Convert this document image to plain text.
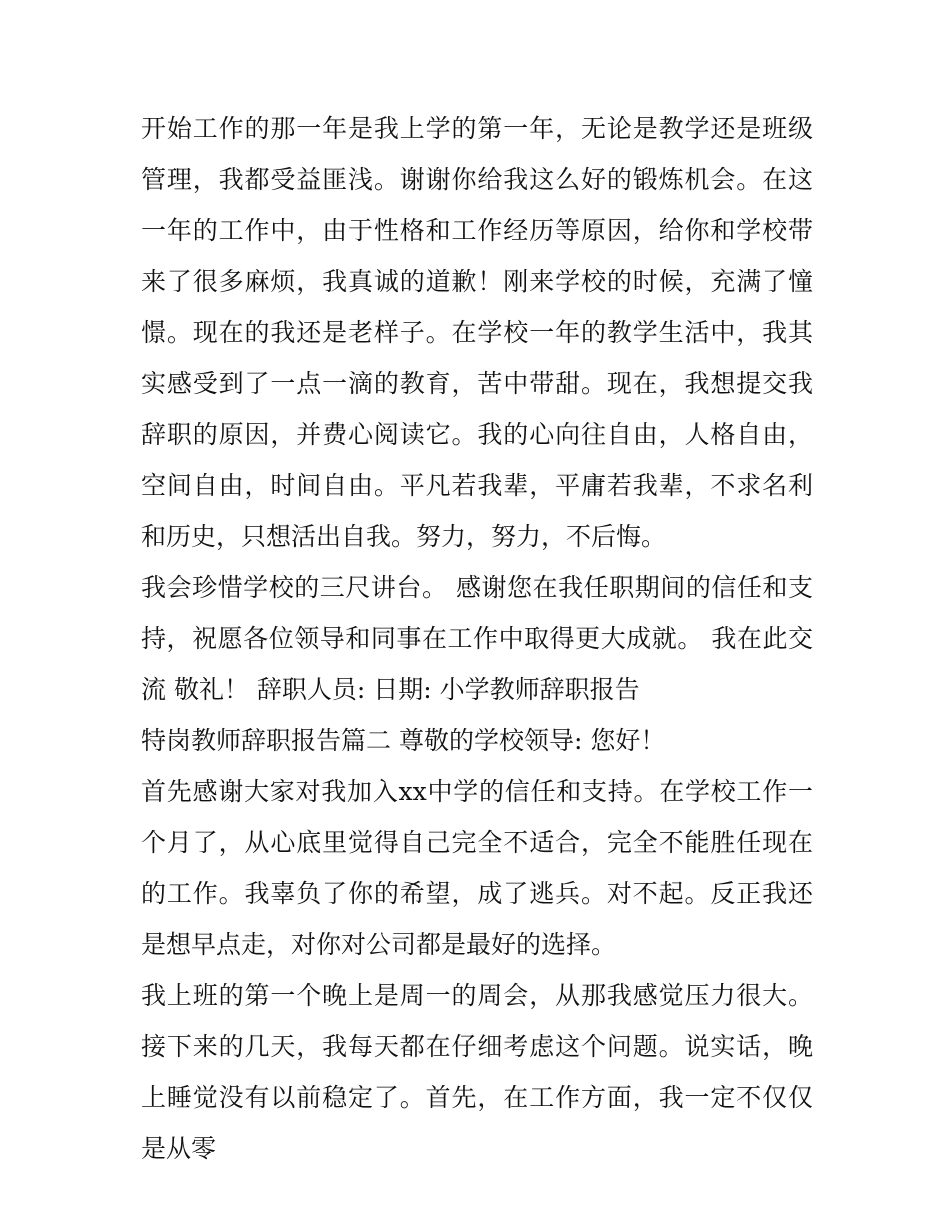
开始工作的那一年是我上学的第一年，无论是教学还是班级管理，我都受益匪浅。谢谢你给我这么好的锻炼机会。在这一年的工作中，由于性格和工作经历等原因，给你和学校带来了很多麻烦，我真诚的道歉！刚来学校的时候，充满了憧憬。现在的我还是老样子。在学校一年的教学生活中，我其实感受到了一点一滴的教育，苦中带甜。现在，我想提交我辞职的原因，并费心阅读它。我的心向往自由，人格自由，空间自由，时间自由。平凡若我辈，平庸若我辈，不求名利和历史，只想活出自我。努力，努力，不后悔。

我会珍惜学校的三尺讲台。 感谢您在我任职期间的信任和支持，祝愿各位领导和同事在工作中取得更大成就。 我在此交流 敬礼！ 辞职人员: 日期: 小学教师辞职报告

特岗教师辞职报告篇二 尊敬的学校领导: 您好！

首先感谢大家对我加入xx中学的信任和支持。在学校工作一个月了，从心底里觉得自己完全不适合，完全不能胜任现在的工作。我辜负了你的希望，成了逃兵。对不起。反正我还是想早点走，对你对公司都是最好的选择。

我上班的第一个晚上是周一的周会，从那我感觉压力很大。接下来的几天，我每天都在仔细考虑这个问题。说实话，晚上睡觉没有以前稳定了。首先，在工作方面，我一定不仅仅是从零
